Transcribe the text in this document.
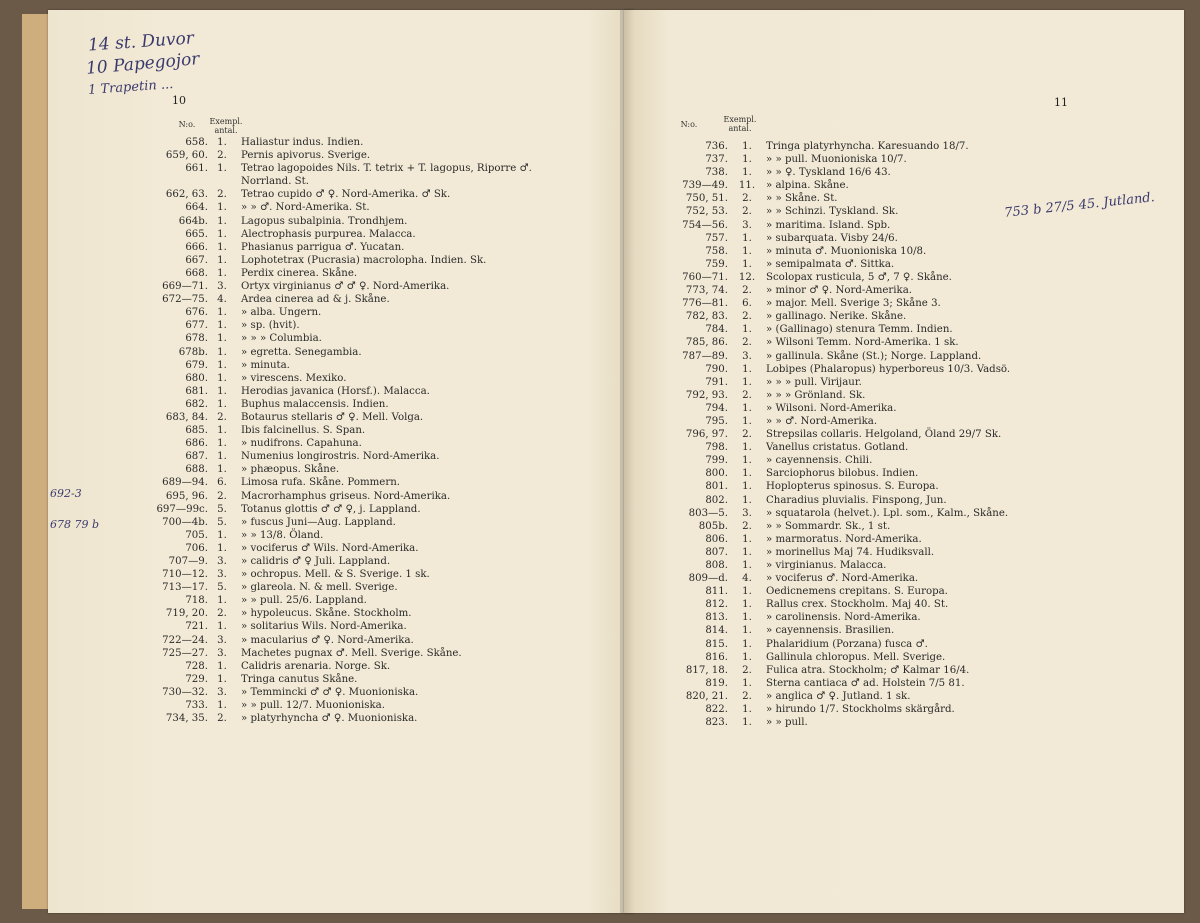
10
N:o.	Exempl. antal.
658. 1.	Haliastur indus. Indien.
659, 60. 2.	Pernis apivorus. Sverige.
661. 1.	Tetrao lagopoides Nils. T. tetrix + T. lagopus, Riporre ♂.
Norrland. St.
662, 63. 2.	Tetrao cupido ♂ ♀. Nord-Amerika. ♂ Sk.
664. 1.	» » ♂. Nord-Amerika. St.
664b. 1.	Lagopus subalpinia. Trondhjem.
665. 1.	Alectrophasis purpurea. Malacca.
666. 1.	Phasianus parrigua ♂. Yucatan.
667. 1.	Lophotetrax (Pucrasia) macrolopha. Indien. Sk.
668. 1.	Perdix cinerea. Skåne.
669—71. 3.	Ortyx virginianus ♂ ♂ ♀. Nord-Amerika.
672—75. 4.	Ardea cinerea ad & j. Skåne.
676. 1.	» alba. Ungern.
677. 1.	» sp. (hvit).
678. 1.	» » » Columbia.
678b. 1.	» egretta. Senegambia.
679. 1.	» minuta.
680. 1.	» virescens. Mexiko.
681. 1.	Herodias javanica (Horsf.). Malacca.
682. 1.	Buphus malaccensis. Indien.
683, 84. 2.	Botaurus stellaris ♂ ♀. Mell. Volga.
685. 1.	Ibis falcinellus. S. Span.
686. 1.	» nudifrons. Capahuna.
687. 1.	Numenius longirostris. Nord-Amerika.
688. 1.	» phæopus. Skåne.
689—94. 6.	Limosa rufa. Skåne. Pommern.
695, 96. 2.	Macrorhamphus griseus. Nord-Amerika.
697—99c. 5.	Totanus glottis ♂ ♂ ♀, j. Lappland.
700—4b. 5.	» fuscus Juni—Aug. Lappland.
705. 1.	» » 13/8. Öland.
706. 1.	» vociferus ♂ Wils. Nord-Amerika.
707—9. 3.	» calidris ♂ ♀ Juli. Lappland.
710—12. 3.	» ochropus. Mell. & S. Sverige. 1 sk.
713—17. 5.	» glareola. N. & mell. Sverige.
718. 1.	» » pull. 25/6. Lappland.
719, 20. 2.	» hypoleucus. Skåne. Stockholm.
721. 1.	» solitarius Wils. Nord-Amerika.
722—24. 3.	» macularius ♂ ♀. Nord-Amerika.
725—27. 3.	Machetes pugnax ♂. Mell. Sverige. Skåne.
728. 1.	Calidris arenaria. Norge. Sk.
729. 1.	Tringa canutus Skåne.
730—32. 3.	» Temmincki ♂ ♂ ♀. Muonioniska.
733. 1.	» » pull. 12/7. Muonioniska.
734, 35. 2.	» platyrhyncha ♂ ♀. Muonioniska.
14 st. Duvor
10 Papegojor
1 Trapetin ...
692-3
678 79 b
11
N:o.
Exempl. antal.
736.	1.	Tringa platyrhyncha. Karesuando 18/7.
737.	1.	» » pull. Muonioniska 10/7.
738.	1.	» » ♀. Tyskland 16/6 43.
739—49.	11.	» alpina. Skåne.
750, 51.	2.	» » Skåne. St.
752, 53.	2.	» » Schinzi. Tyskland. Sk.
754—56.	3.	» maritima. Island. Spb.
757.	1.	» subarquata. Visby 24/6.
758.	1.	» minuta ♂. Muonioniska 10/8.
759.	1.	» semipalmata ♂. Sittka.
760—71.	12.	Scolopax rusticula, 5 ♂, 7 ♀. Skåne.
773, 74.	2.	» minor ♂ ♀. Nord-Amerika.
776—81.	6.	» major. Mell. Sverige 3; Skåne 3.
782, 83.	2.	» gallinago. Nerike. Skåne.
784.	1.	» (Gallinago) stenura Temm. Indien.
785, 86.	2.	» Wilsoni Temm. Nord-Amerika. 1 sk.
787—89.	3.	» gallinula. Skåne (St.); Norge. Lappland.
790.	1.	Lobipes (Phalaropus) hyperboreus 10/3. Vadsö.
791.	1.	» » » pull. Virijaur.
792, 93.	2.	» » » Grönland. Sk.
794.	1.	» Wilsoni. Nord-Amerika.
795.	1.	» » ♂. Nord-Amerika.
796, 97.	2.	Strepsilas collaris. Helgoland, Öland 29/7 Sk.
798.	1.	Vanellus cristatus. Gotland.
799.	1.	» cayennensis. Chili.
800.	1.	Sarciophorus bilobus. Indien.
801.	1.	Hoplopterus spinosus. S. Europa.
802.	1.	Charadius pluvialis. Finspong, Jun.
803—5.	3.	» squatarola (helvet.). Lpl. som., Kalm., Skåne.
805b.	2.	» » Sommardr. Sk., 1 st.
806.	1.	» marmoratus. Nord-Amerika.
807.	1.	» morinellus Maj 74. Hudiksvall.
808.	1.	» virginianus. Malacca.
809—d.	4.	» vociferus ♂. Nord-Amerika.
811.	1.	Oedicnemens crepitans. S. Europa.
812.	1.	Rallus crex. Stockholm. Maj 40. St.
813.	1.	» carolinensis. Nord-Amerika.
814.	1.	» cayennensis. Brasilien.
815.	1.	Phalaridium (Porzana) fusca ♂.
816.	1.	Gallinula chloropus. Mell. Sverige.
817, 18.	2.	Fulica atra. Stockholm; ♂ Kalmar 16/4.
819.	1.	Sterna cantiaca ♂ ad. Holstein 7/5 81.
820, 21.	2.	» anglica ♂ ♀. Jutland. 1 sk.
822.	1.	» hirundo 1/7. Stockholms skärgård.
823.	1.	» » pull.
753 b 27/5 45. Jutland.
